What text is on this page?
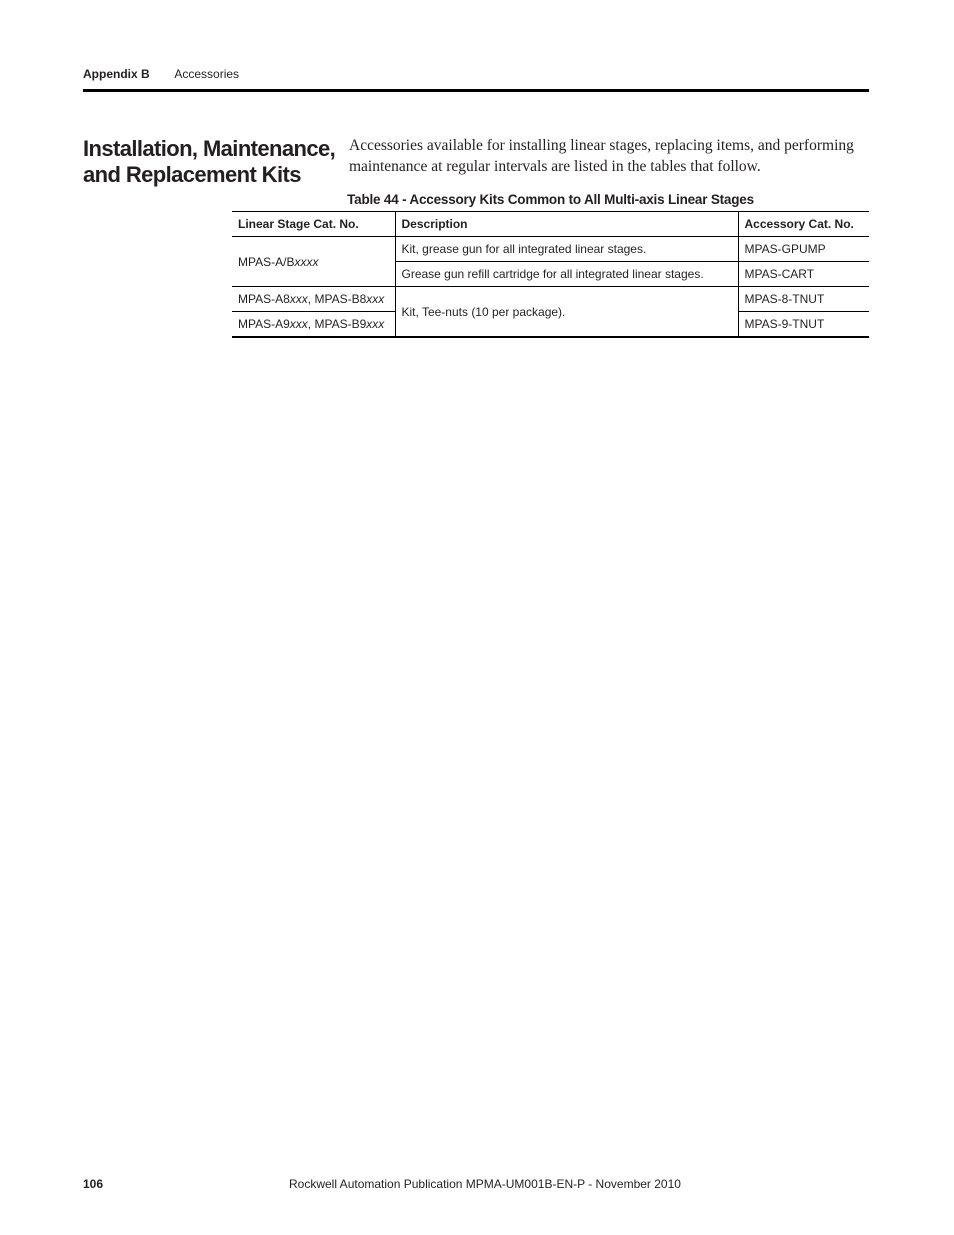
Appendix B Accessories
Installation, Maintenance, and Replacement Kits

Accessories available for installing linear stages, replacing items, and performing maintenance at regular intervals are listed in the tables that follow.

Table 44 - Accessory Kits Common to All Multi-axis Linear Stages
Linear Stage Cat. No.	Description	Accessory Cat. No.
MPAS-A/Bxxxx	Kit, grease gun for all integrated linear stages.	MPAS-GPUMP
	Grease gun refill cartridge for all integrated linear stages.	MPAS-CART
MPAS-A8xxx, MPAS-B8xxx	Kit, Tee-nuts (10 per package).	MPAS-8-TNUT
MPAS-A9xxx, MPAS-B9xxx		MPAS-9-TNUT
106	Rockwell Automation Publication MPMA-UM001B-EN-P - November 2010
